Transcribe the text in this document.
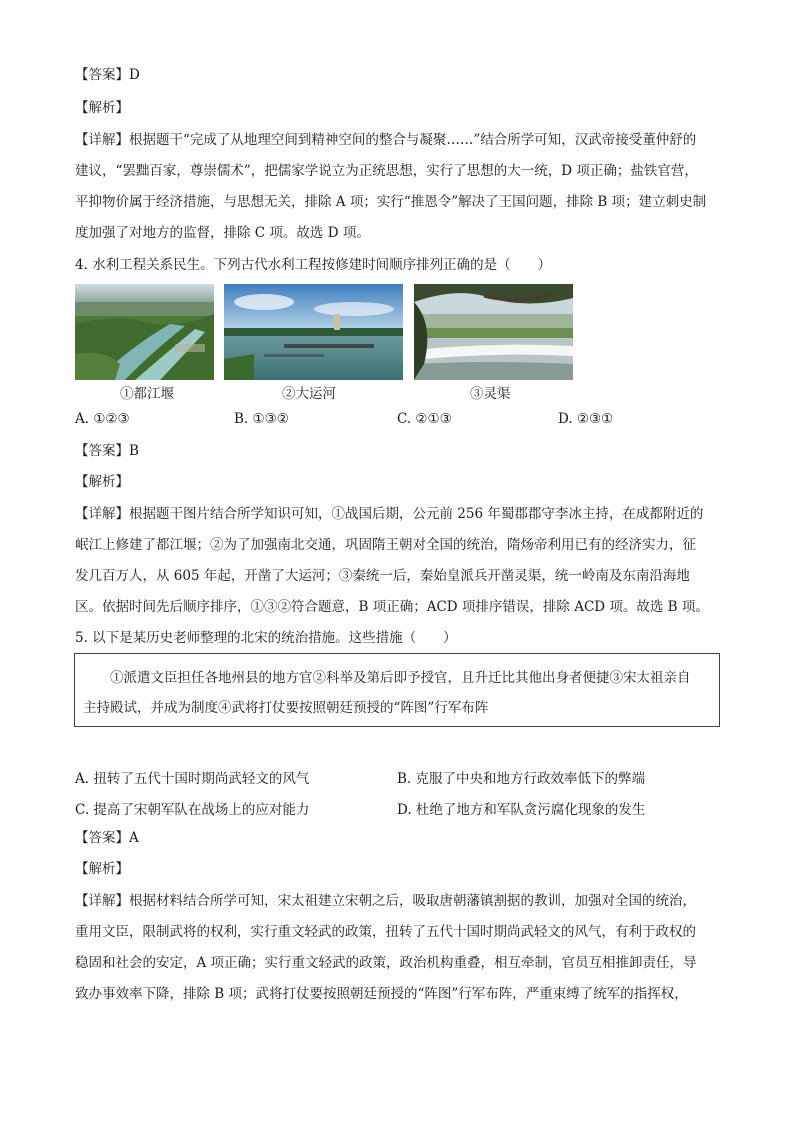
【答案】D
【解析】
【详解】根据题干“完成了从地理空间到精神空间的整合与凝聚……”结合所学可知，汉武帝接受董仲舒的
建议，“罢黜百家，尊崇儒术”，把儒家学说立为正统思想，实行了思想的大一统，D 项正确；盐铁官营，
平抑物价属于经济措施，与思想无关，排除 A 项；实行“推恩令”解决了王国问题，排除 B 项；建立刺史制
度加强了对地方的监督，排除 C 项。故选 D 项。
4. 水利工程关系民生。下列古代水利工程按修建时间顺序排列正确的是（　　）
①都江堰	②大运河	③灵渠
A. ①②③	B. ①③②	C. ②①③	D. ②③①
【答案】B
【解析】
【详解】根据题干图片结合所学知识可知，①战国后期，公元前 256 年蜀郡郡守李冰主持，在成都附近的
岷江上修建了都江堰；②为了加强南北交通，巩固隋王朝对全国的统治，隋炀帝利用已有的经济实力，征
发几百万人，从 605 年起，开凿了大运河；③秦统一后，秦始皇派兵开凿灵渠，统一岭南及东南沿海地
区。依据时间先后顺序排序，①③②符合题意，B 项正确；ACD 项排序错误，排除 ACD 项。故选 B 项。
5. 以下是某历史老师整理的北宋的统治措施。这些措施（　　）
　　①派遣文臣担任各地州县的地方官②科举及第后即予授官，且升迁比其他出身者便捷③宋太祖亲自
主持殿试，并成为制度④武将打仗要按照朝廷预授的“阵图”行军布阵
A. 扭转了五代十国时期尚武轻文的风气	B. 克服了中央和地方行政效率低下的弊端
C. 提高了宋朝军队在战场上的应对能力	D. 杜绝了地方和军队贪污腐化现象的发生
【答案】A
【解析】
【详解】根据材料结合所学可知，宋太祖建立宋朝之后，吸取唐朝藩镇割据的教训，加强对全国的统治，
重用文臣，限制武将的权利，实行重文轻武的政策，扭转了五代十国时期尚武轻文的风气，有利于政权的
稳固和社会的安定，A 项正确；实行重文轻武的政策，政治机构重叠，相互牵制，官员互相推卸责任，导
致办事效率下降，排除 B 项；武将打仗要按照朝廷预授的“阵图”行军布阵，严重束缚了统军的指挥权，
